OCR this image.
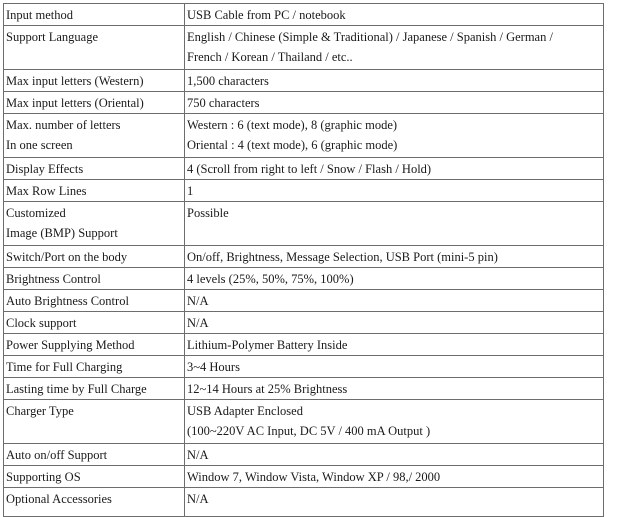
Input method	USB Cable from PC / notebook

Support Language	English / Chinese (Simple & Traditional) / Japanese / Spanish / German /
French / Korean / Thailand / etc..

Max input letters (Western)	1,500 characters

Max input letters (Oriental)	750 characters

Max. number of letters
In one screen	Western : 6 (text mode), 8 (graphic mode)
Oriental : 4 (text mode), 6 (graphic mode)

Display Effects	4 (Scroll from right to left / Snow / Flash / Hold)

Max Row Lines	1

Customized
Image (BMP) Support	Possible

Switch/Port on the body	On/off, Brightness, Message Selection, USB Port (mini-5 pin)

Brightness Control	4 levels (25%, 50%, 75%, 100%)

Auto Brightness Control	N/A

Clock support	N/A

Power Supplying Method	Lithium-Polymer Battery Inside

Time for Full Charging	3~4 Hours

Lasting time by Full Charge	12~14 Hours at 25% Brightness

Charger Type	USB Adapter Enclosed
(100~220V AC Input, DC 5V / 400 mA Output )

Auto on/off Support	N/A

Supporting OS	Window 7, Window Vista, Window XP / 98,/ 2000

Optional Accessories	N/A
